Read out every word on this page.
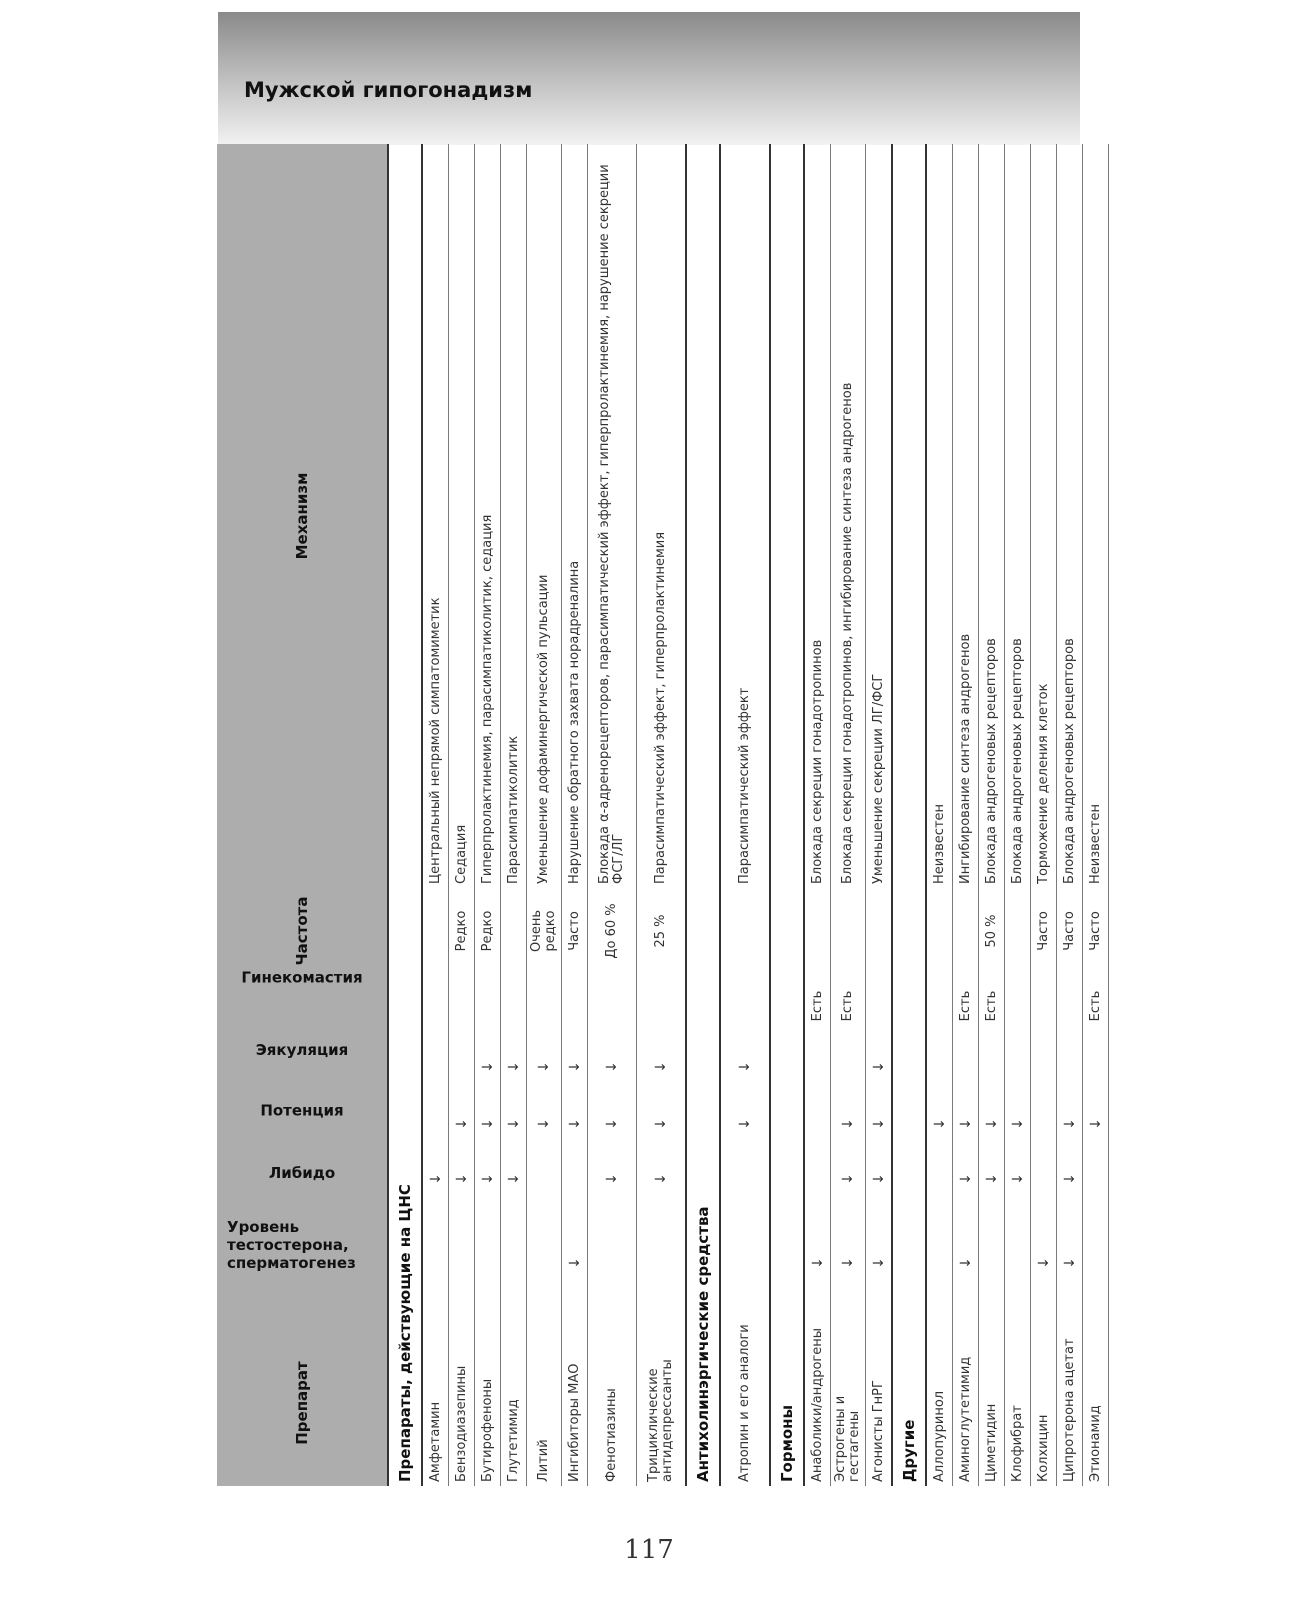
Мужской гипогонадизм
Препарат	Уровень тестостерона, сперматогенез	Либидо	Потенция	Эякуляция	Гинекомастия	Частота	Механизм
Препараты, действующие на ЦНС							
Амфетамин		↓					Центральный непрямой симпатомиметик
Бензодиазепины		↓	↓			Редко	Седация
Бутирофеноны		↓	↓	↓		Редко	Гиперпролактинемия, парасимпатиколитик, седация
Глутетимид		↓	↓	↓			Парасимпатиколитик
Литий			↓	↓		Очень редко	Уменьшение дофаминергической пульсации
Ингибиторы МАО	↓		↓	↓		Часто	Нарушение обратного захвата норадреналина
Фенотиазины		↓	↓	↓		До 60 %	Блокада α-адренорецепторов, парасимпатический эффект, гиперпролактинемия, нарушение секреции ФСГ/ЛГ
Трициклические антидепрессанты		↓	↓	↓		25 %	Парасимпатический эффект, гиперпролактинемия
Антихолинэргические средства							
Атропин и его аналоги			↓	↓			Парасимпатический эффект
Гормоны							
Анаболики/андрогены	↓				Есть		Блокада секреции гонадотропинов
Эстрогены и гестагены	↓	↓	↓		Есть		Блокада секреции гонадотропинов, ингибирование синтеза андрогенов
Агонисты ГнРГ	↓	↓	↓	↓			Уменьшение секреции ЛГ/ФСГ
Другие							
Аллопуринол			↓				Неизвестен
Аминоглутетимид	↓	↓	↓		Есть		Ингибирование синтеза андрогенов
Циметидин		↓	↓		Есть	50 %	Блокада андрогеновых рецепторов
Клофибрат		↓	↓				Блокада андрогеновых рецепторов
Колхицин	↓					Часто	Торможение деления клеток
Ципротерона ацетат	↓	↓	↓			Часто	Блокада андрогеновых рецепторов
Этионамид			↓		Есть	Часто	Неизвестен
117
